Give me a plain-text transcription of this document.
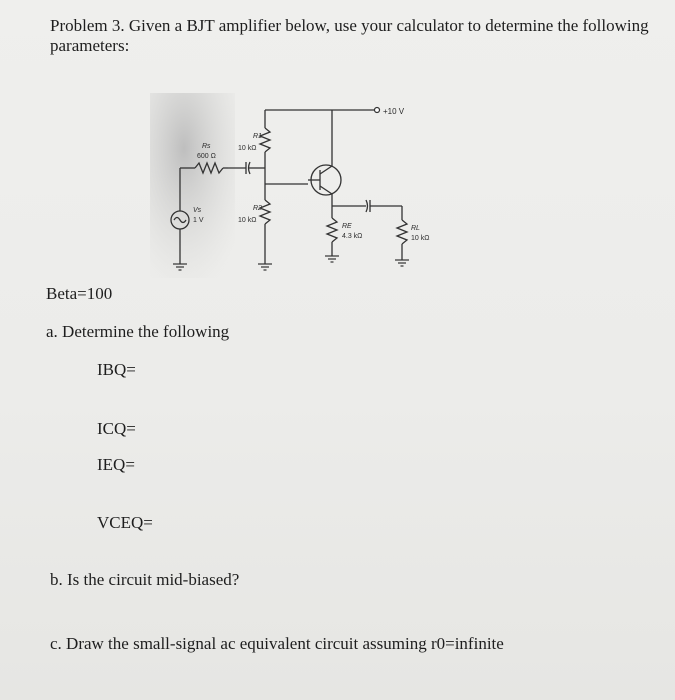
Problem 3. Given a BJT amplifier below, use your calculator to determine the following
parameters:
+10 V
R1
10 kΩ
Rs
600 Ω
Vs
1 V
R2
10 kΩ
RE
4.3 kΩ
RL
10 kΩ
Beta=100
a. Determine the following
IBQ=
ICQ=
IEQ=
VCEQ=
b. Is the circuit mid-biased?
c. Draw the small-signal ac equivalent circuit assuming r0=infinite
